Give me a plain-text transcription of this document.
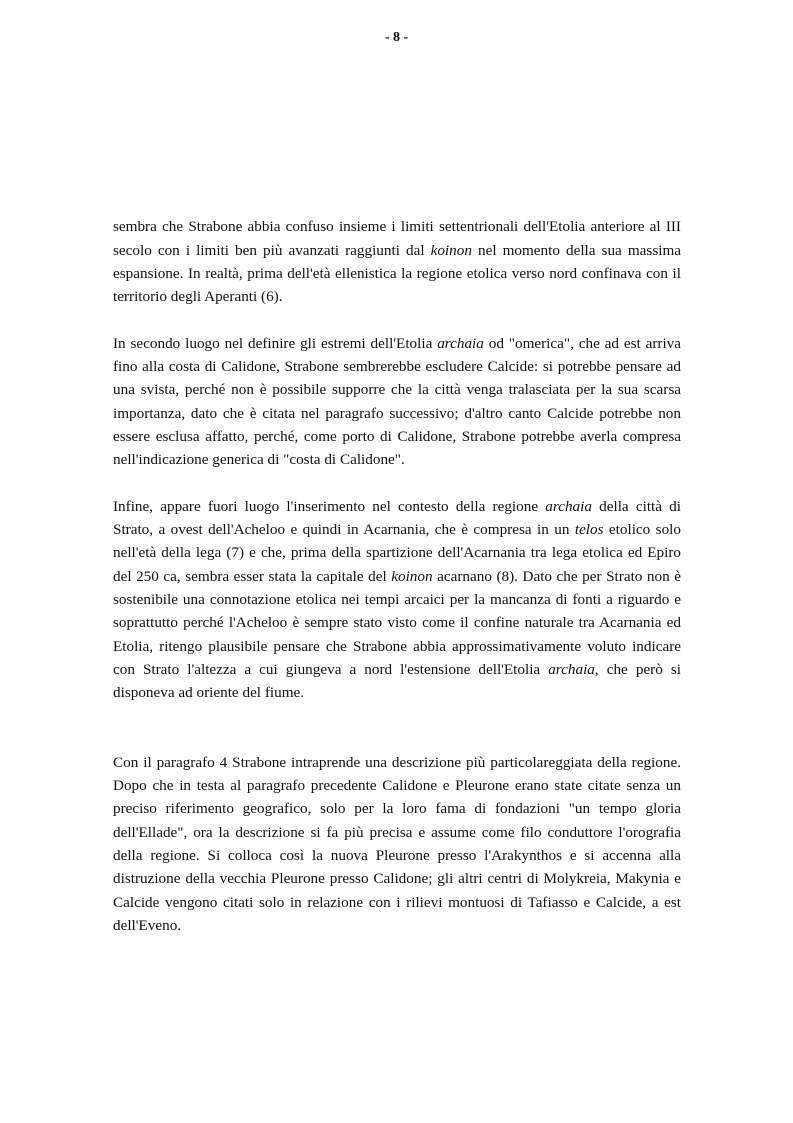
- 8 -

sembra che Strabone abbia confuso insieme i limiti settentrionali dell'Etolia anteriore al III secolo con i limiti ben più avanzati raggiunti dal koinon nel momento della sua massima espansione. In realtà, prima dell'età ellenistica la regione etolica verso nord confinava con il territorio degli Aperanti (6).

In secondo luogo nel definire gli estremi dell'Etolia archaia od "omerica", che ad est arriva fino alla costa di Calidone, Strabone sembrerebbe escludere Calcide: si potrebbe pensare ad una svista, perché non è possibile supporre che la città venga tralasciata per la sua scarsa importanza, dato che è citata nel paragrafo successivo; d'altro canto Calcide potrebbe non essere esclusa affatto, perché, come porto di Calidone, Strabone potrebbe averla compresa nell'indicazione generica di "costa di Calidone".

Infine, appare fuori luogo l'inserimento nel contesto della regione archaia della città di Strato, a ovest dell'Acheloo e quindi in Acarnania, che è compresa in un telos etolico solo nell'età della lega (7) e che, prima della spartizione dell'Acarnania tra lega etolica ed Epiro del 250 ca, sembra esser stata la capitale del koinon acarnano (8). Dato che per Strato non è sostenibile una connotazione etolica nei tempi arcaici per la mancanza di fonti a riguardo e soprattutto perché l'Acheloo è sempre stato visto come il confine naturale tra Acarnania ed Etolia, ritengo plausibile pensare che Strabone abbia approssimativamente voluto indicare con Strato l'altezza a cui giungeva a nord l'estensione dell'Etolia archaia, che però si disponeva ad oriente del fiume.

Con il paragrafo 4 Strabone intraprende una descrizione più particolareggiata della regione. Dopo che in testa al paragrafo precedente Calidone e Pleurone erano state citate senza un preciso riferimento geografico, solo per la loro fama di fondazioni "un tempo gloria dell'Ellade", ora la descrizione si fa più precisa e assume come filo conduttore l'orografia della regione. Si colloca così la nuova Pleurone presso l'Arakynthos e si accenna alla distruzione della vecchia Pleurone presso Calidone; gli altri centri di Molykreia, Makynia e Calcide vengono citati solo in relazione con i rilievi montuosi di Tafiasso e Calcide, a est dell'Eveno.
